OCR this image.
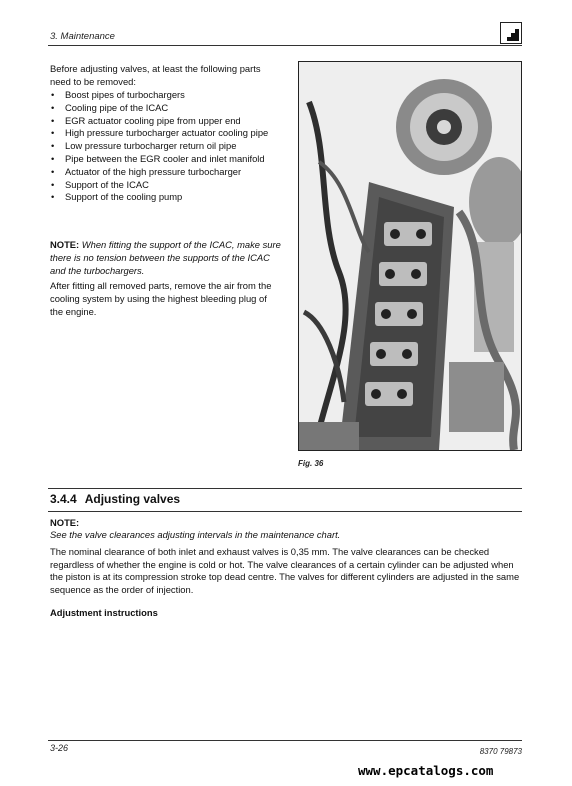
3. Maintenance

Before adjusting valves, at least the following parts need to be removed:

• Boost pipes of turbochargers
• Cooling pipe of the ICAC
• EGR actuator cooling pipe from upper end
• High pressure turbocharger actuator cooling pipe
• Low pressure turbocharger return oil pipe
• Pipe between the EGR cooler and inlet manifold
• Actuator of the high pressure turbocharger
• Support of the ICAC
• Support of the cooling pump
NOTE: When fitting the support of the ICAC, make sure there is no tension between the supports of the ICAC and the turbochargers.
After fitting all removed parts, remove the air from the cooling system by using the highest bleeding plug of the engine.
Fig. 36
3.4.4 Adjusting valves
NOTE:
See the valve clearances adjusting intervals in the maintenance chart.
The nominal clearance of both inlet and exhaust valves is 0,35 mm. The valve clearances can be checked regardless of whether the engine is cold or hot. The valve clearances of a certain cylinder can be adjusted when the piston is at its compression stroke top dead centre. The valves for different cylinders are adjusted in the same sequence as the order of injection.
Adjustment instructions
3-26	8370 79873
www.epcatalogs.com
